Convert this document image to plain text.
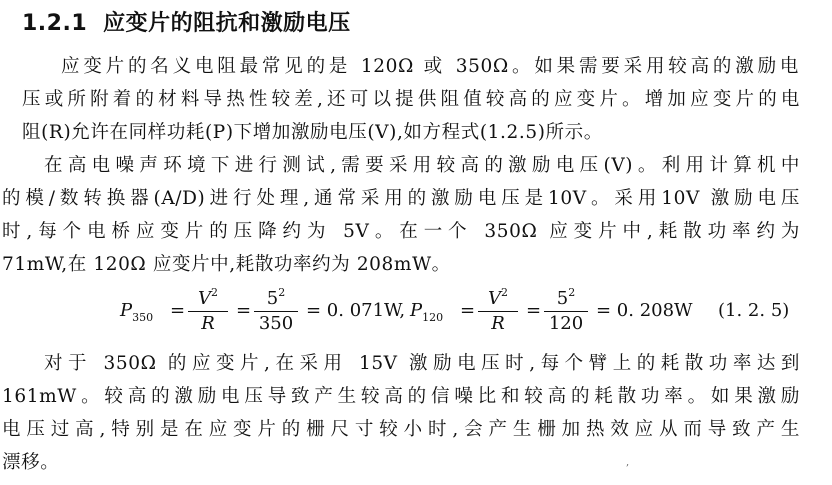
1.2.1 应变片的阻抗和激励电压
应变片的名义电阻最常见的是 120Ω 或 350Ω。如果需要采用较高的激励电
压或所附着的材料导热性较差,还可以提供阻值较高的应变片。增加应变片的电
阻(R)允许在同样功耗(P)下增加激励电压(V),如方程式(1.2.5)所示。
在高电噪声环境下进行测试,需要采用较高的激励电压(V)。利用计算机中
的模/数转换器(A/D)进行处理,通常采用的激励电压是10V。采用10V 激励电压
时,每个电桥应变片的压降约为 5V。在一个 350Ω 应变片中,耗散功率约为
71mW,在 120Ω 应变片中,耗散功率约为 208mW。
$P_{350}$ =
$V^2$
R
=
$5^2$
350
= 0. 071W, $P_{120}$ =
$V^2$
R
=
$5^2$
120
= 0. 208W (1. 2. 5)
对于 350Ω 的应变片,在采用 15V 激励电压时,每个臂上的耗散功率达到
161mW。较高的激励电压导致产生较高的信噪比和较高的耗散功率。如果激励
电压过高,特别是在应变片的栅尺寸较小时,会产生栅加热效应从而导致产生
漂移。	,
